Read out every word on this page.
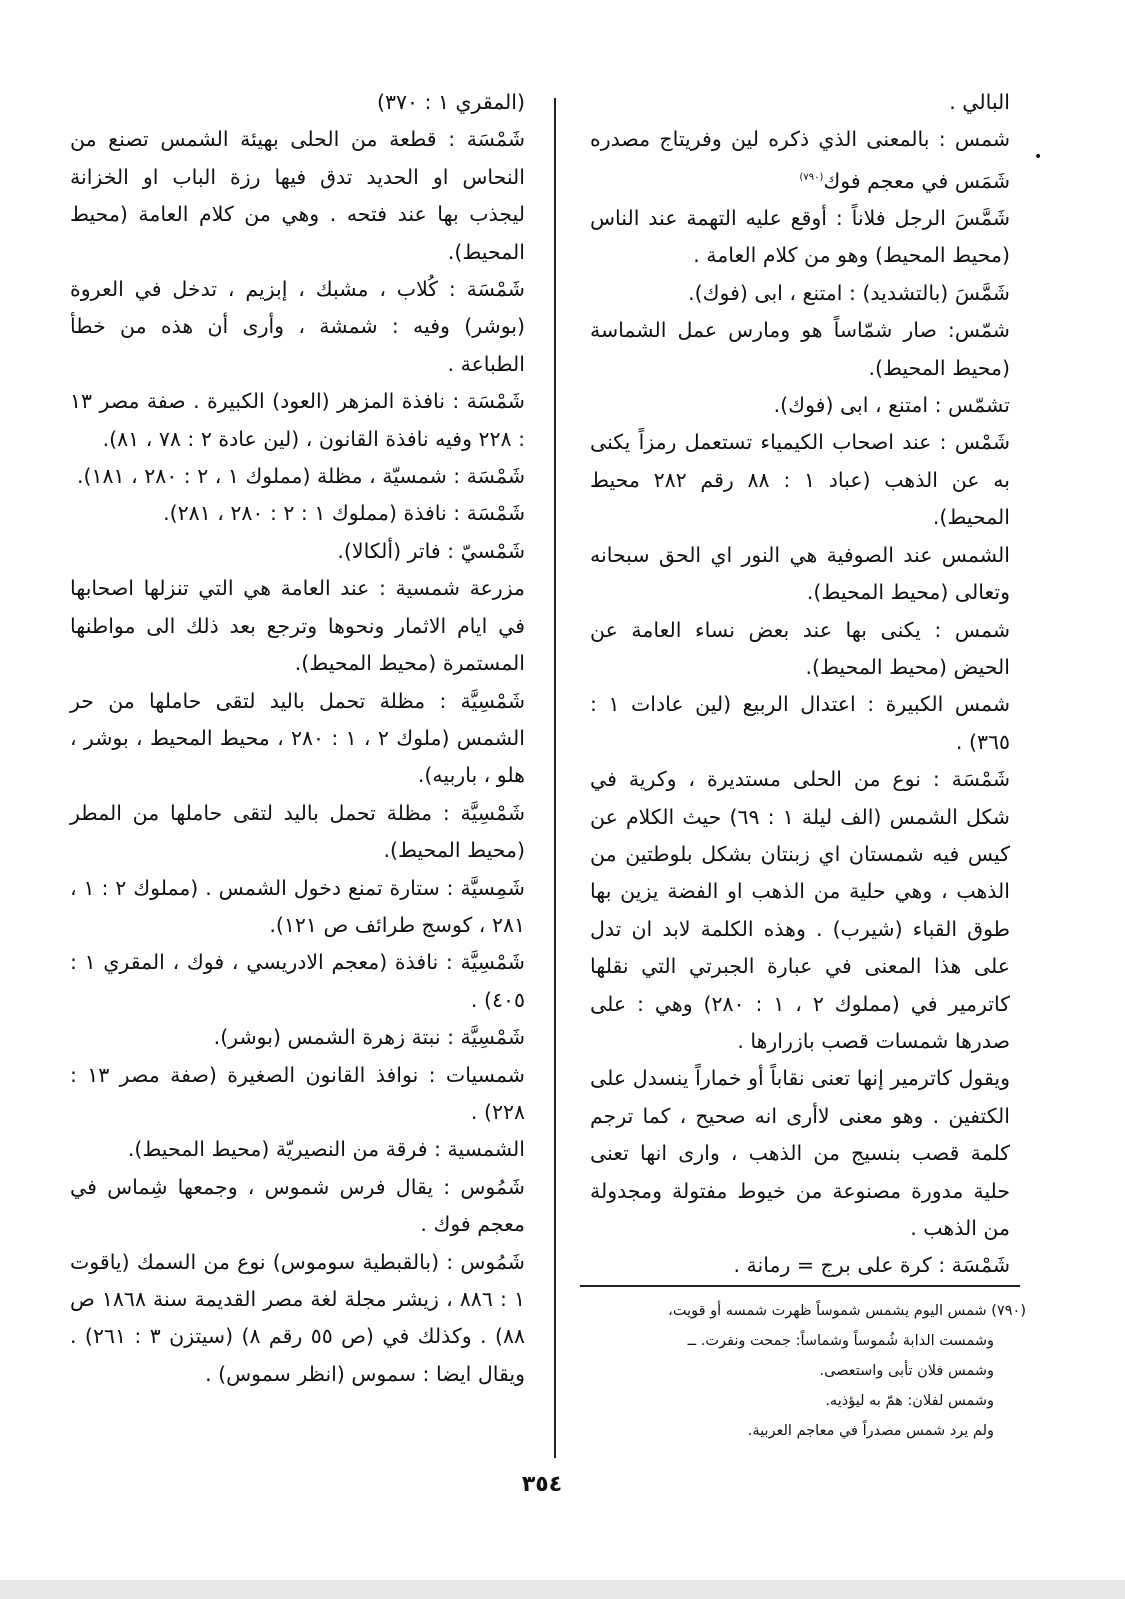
•

البالي .

شمس : بالمعنى الذي ذكره لين وفريتاج مصدره شَمَس في معجم فوك$^{(٧٩٠)}$

شَمَّسَ الرجل فلاناً : أوقع عليه التهمة عند الناس (محيط المحيط) وهو من كلام العامة .

شَمَّسَ (بالتشديد) : امتنع ، ابى (فوك).

شمّس: صار شمّاساً هو ومارس عمل الشماسة (محيط المحيط).

تشمّس : امتنع ، ابى (فوك).

شَمْس : عند اصحاب الكيمياء تستعمل رمزاً يكنى به عن الذهب (عباد ١ : ٨٨ رقم ٢٨٢ محيط المحيط).

الشمس عند الصوفية هي النور اي الحق سبحانه وتعالى (محيط المحيط).

شمس : يكنى بها عند بعض نساء العامة عن الحيض (محيط المحيط).

شمس الكبيرة : اعتدال الربيع (لين عادات ١ : ٣٦٥) .

شَمْسَة : نوع من الحلى مستديرة ، وكرية في شكل الشمس (الف ليلة ١ : ٦٩) حيث الكلام عن كيس فيه شمستان اي زبنتان بشكل بلوطتين من الذهب ، وهي حلية من الذهب او الفضة يزين بها طوق القباء (شيرب) . وهذه الكلمة لابد ان تدل على هذا المعنى في عبارة الجبرتي التي نقلها كاترمير في (مملوك ٢ ، ١ : ٢٨٠) وهي : على صدرها شمسات قصب بازرارها .

ويقول كاترمير إنها تعنى نقاباً أو خماراً ينسدل على الكتفين . وهو معنى لاأرى انه صحيح ، كما ترجم كلمة قصب بنسيج من الذهب ، وارى انها تعنى حلية مدورة مصنوعة من خيوط مفتولة ومجدولة من الذهب .

شَمْسَة : كرة على برج = رمانة .

(المقري ١ : ٣٧٠)

شَمْسَة : قطعة من الحلى بهيئة الشمس تصنع من النحاس او الحديد تدق فيها رزة الباب او الخزانة ليجذب بها عند فتحه . وهي من كلام العامة (محيط المحيط).

شَمْسَة : كُلاب ، مشبك ، إبزيم ، تدخل في العروة (بوشر) وفيه : شمشة ، وأرى أن هذه من خطأ الطباعة .

شَمْسَة : نافذة المزهر (العود) الكبيرة . صفة مصر ١٣ : ٢٢٨ وفيه نافذة القانون ، (لين عادة ٢ : ٧٨ ، ٨١).

شَمْسَة : شمسيّة ، مظلة (مملوك ١ ، ٢ : ٢٨٠ ، ١٨١).

شَمْسَة : نافذة (مملوك ١ : ٢ : ٢٨٠ ، ٢٨١).

شَمْسيّ : فاتر (ألكالا).

مزرعة شمسية : عند العامة هي التي تنزلها اصحابها في ايام الاثمار ونحوها وترجع بعد ذلك الى مواطنها المستمرة (محيط المحيط).

شَمْسِيَّة : مظلة تحمل باليد لتقى حاملها من حر الشمس (ملوك ٢ ، ١ : ٢٨٠ ، محيط المحيط ، بوشر ، هلو ، باربيه).

شَمْسِيَّة : مظلة تحمل باليد لتقى حاملها من المطر (محيط المحيط).

شَمِسيَّة : ستارة تمنع دخول الشمس . (مملوك ٢ : ١ ، ٢٨١ ، كوسج طرائف ص ١٢١).

شَمْسِيَّة : نافذة (معجم الادريسي ، فوك ، المقري ١ : ٤٠٥) .

شَمْسِيَّة : نبتة زهرة الشمس (بوشر).

شمسيات : نوافذ القانون الصغيرة (صفة مصر ١٣ : ٢٢٨) .

الشمسية : فرقة من النصيريّة (محيط المحيط).

شَمُوس : يقال فرس شموس ، وجمعها شِماس في معجم فوك .

شَمُوس : (بالقبطية سوموس) نوع من السمك (ياقوت ١ : ٨٨٦ ، زيشر مجلة لغة مصر القديمة سنة ١٨٦٨ ص ٨٨) . وكذلك في (ص ٥٥ رقم ٨) (سيتزن ٣ : ٢٦١) . ويقال ايضا : سموس (انظر سموس) .

(٧٩٠) شمس اليوم يشمس شموساً ظهرت شمسه أو قويت،

وشمست الدابة شُموساً وشماساً: جمحت ونفرت. ــ

وشمس فلان تأبى واستعصى.

وشمس لفلان: همّ به ليؤذيه.

ولم يرد شمس مصدراً في معاجم العربية.

٣٥٤
